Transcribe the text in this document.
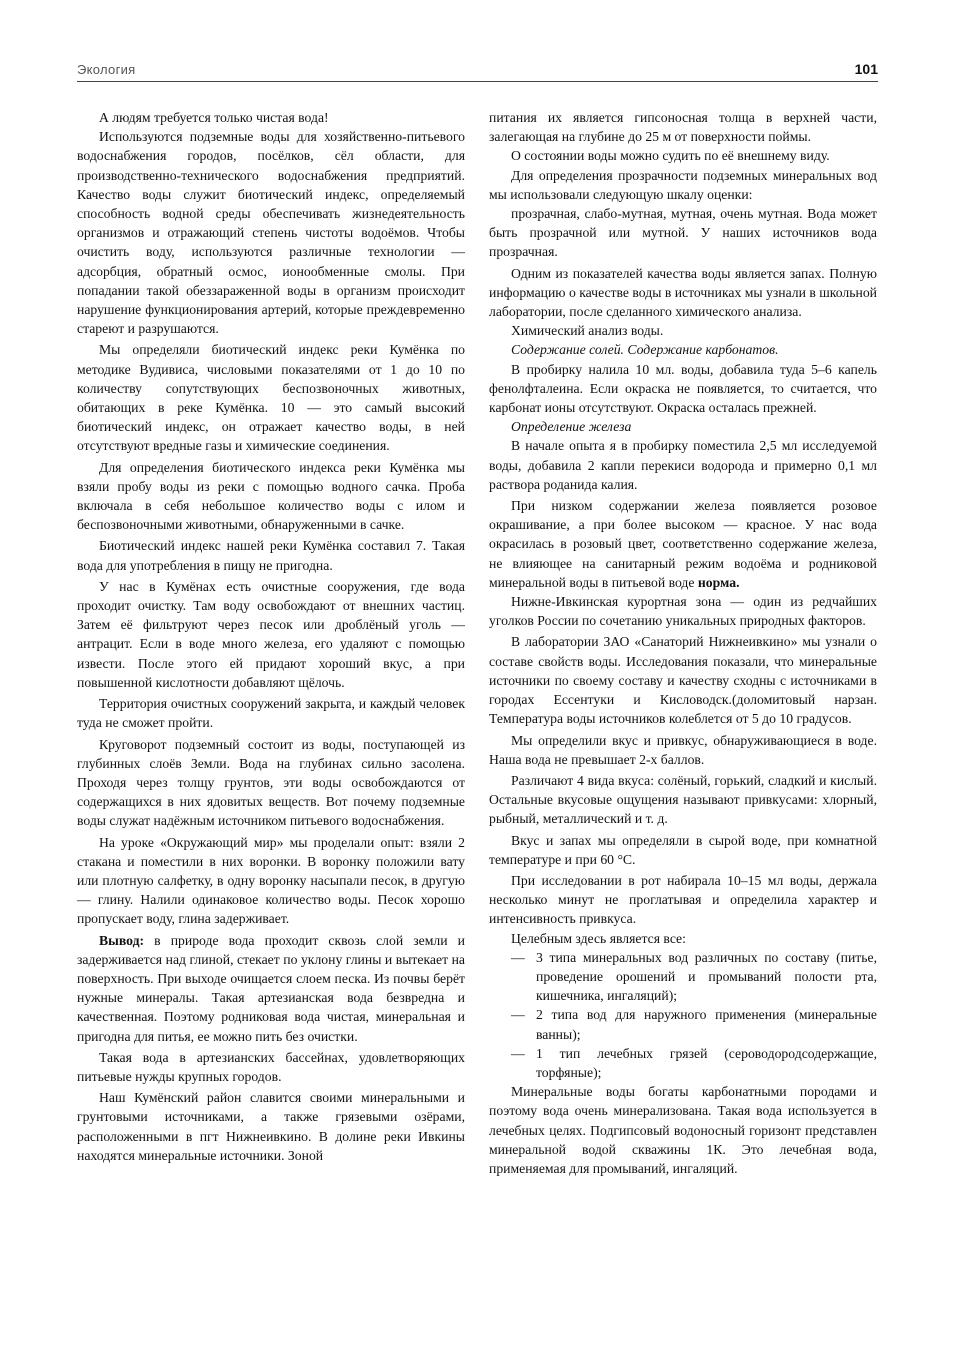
Экология	101

А людям требуется только чистая вода!

Используются подземные воды для хозяйственно-питьевого водоснабжения городов, посёлков, сёл области, для производственно-технического водоснабжения предприятий. Качество воды служит биотический индекс, определяемый способность водной среды обеспечивать жизнедеятельность организмов и отражающий степень чистоты водоёмов. Чтобы очистить воду, используются различные технологии — адсорбция, обратный осмос, ионообменные смолы. При попадании такой обеззараженной воды в организм происходит нарушение функционирования артерий, которые преждевременно стареют и разрушаются.

Мы определяли биотический индекс реки Кумёнка по методике Вудивиса, числовыми показателями от 1 до 10 по количеству сопутствующих беспозвоночных животных, обитающих в реке Кумёнка. 10 — это самый высокий биотический индекс, он отражает качество воды, в ней отсутствуют вредные газы и химические соединения.

Для определения биотического индекса реки Кумёнка мы взяли пробу воды из реки с помощью водного сачка. Проба включала в себя небольшое количество воды с илом и беспозвоночными животными, обнаруженными в сачке.

Биотический индекс нашей реки Кумёнка составил 7. Такая вода для употребления в пищу не пригодна.

У нас в Кумёнах есть очистные сооружения, где вода проходит очистку. Там воду освобождают от внешних частиц. Затем её фильтруют через песок или дроблёный уголь — антрацит. Если в воде много железа, его удаляют с помощью извести. После этого ей придают хороший вкус, а при повышенной кислотности добавляют щёлочь.

Территория очистных сооружений закрыта, и каждый человек туда не сможет пройти.

Круговорот подземный состоит из воды, поступающей из глубинных слоёв Земли. Вода на глубинах сильно засолена. Проходя через толщу грунтов, эти воды освобождаются от содержащихся в них ядовитых веществ. Вот почему подземные воды служат надёжным источником питьевого водоснабжения.

На уроке «Окружающий мир» мы проделали опыт: взяли 2 стакана и поместили в них воронки. В воронку положили вату или плотную салфетку, в одну воронку насыпали песок, в другую — глину. Налили одинаковое количество воды. Песок хорошо пропускает воду, глина задерживает.

Вывод: в природе вода проходит сквозь слой земли и задерживается над глиной, стекает по уклону глины и вытекает на поверхность. При выходе очищается слоем песка. Из почвы берёт нужные минералы. Такая артезианская вода безвредна и качественная. Поэтому родниковая вода чистая, минеральная и пригодна для питья, ее можно пить без очистки.

Такая вода в артезианских бассейнах, удовлетворяющих питьевые нужды крупных городов.

Наш Кумёнский район славится своими минеральными и грунтовыми источниками, а также грязевыми озёрами, расположенными в пгт Нижнеивкино. В долине реки Ивкины находятся минеральные источники. Зоной

питания их является гипсоносная толща в верхней части, залегающая на глубине до 25 м от поверхности поймы.

О состоянии воды можно судить по её внешнему виду.

Для определения прозрачности подземных минеральных вод мы использовали следующую шкалу оценки:

прозрачная, слабо-мутная, мутная, очень мутная. Вода может быть прозрачной или мутной. У наших источников вода прозрачная.

Одним из показателей качества воды является запах. Полную информацию о качестве воды в источниках мы узнали в школьной лаборатории, после сделанного химического анализа.

Химический анализ воды.

Содержание солей. Содержание карбонатов.

В пробирку налила 10 мл. воды, добавила туда 5–6 капель фенолфталеина. Если окраска не появляется, то считается, что карбонат ионы отсутствуют. Окраска осталась прежней.

Определение железа

В начале опыта я в пробирку поместила 2,5 мл исследуемой воды, добавила 2 капли перекиси водорода и примерно 0,1 мл раствора роданида калия.

При низком содержании железа появляется розовое окрашивание, а при более высоком — красное. У нас вода окрасилась в розовый цвет, соответственно содержание железа, не влияющее на санитарный режим водоёма и родниковой минеральной воды в питьевой воде норма.

Нижне-Ивкинская курортная зона — один из редчайших уголков России по сочетанию уникальных природных факторов.

В лаборатории ЗАО «Санаторий Нижнеивкино» мы узнали о составе свойств воды. Исследования показали, что минеральные источники по своему составу и качеству сходны с источниками в городах Ессентуки и Кисловодск.(доломитовый нарзан. Температура воды источников колеблется от 5 до 10 градусов.

Мы определили вкус и привкус, обнаруживающиеся в воде. Наша вода не превышает 2-х баллов.

Различают 4 вида вкуса: солёный, горький, сладкий и кислый. Остальные вкусовые ощущения называют привкусами: хлорный, рыбный, металлический и т. д.

Вкус и запах мы определяли в сырой воде, при комнатной температуре и при 60 °С.

При исследовании в рот набирала 10–15 мл воды, держала несколько минут не проглатывая и определила характер и интенсивность привкуса.

Целебным здесь является все:

— 3 типа минеральных вод различных по составу (питье, проведение орошений и промываний полости рта, кишечника, ингаляций);
— 2 типа вод для наружного применения (минеральные ванны);
— 1 тип лечебных грязей (сероводородсодержащие, торфяные);

Минеральные воды богаты карбонатными породами и поэтому вода очень минерализована. Такая вода используется в лечебных целях. Подгипсовый водоносный горизонт представлен минеральной водой скважины 1К. Это лечебная вода, применяемая для промываний, ингаляций.
